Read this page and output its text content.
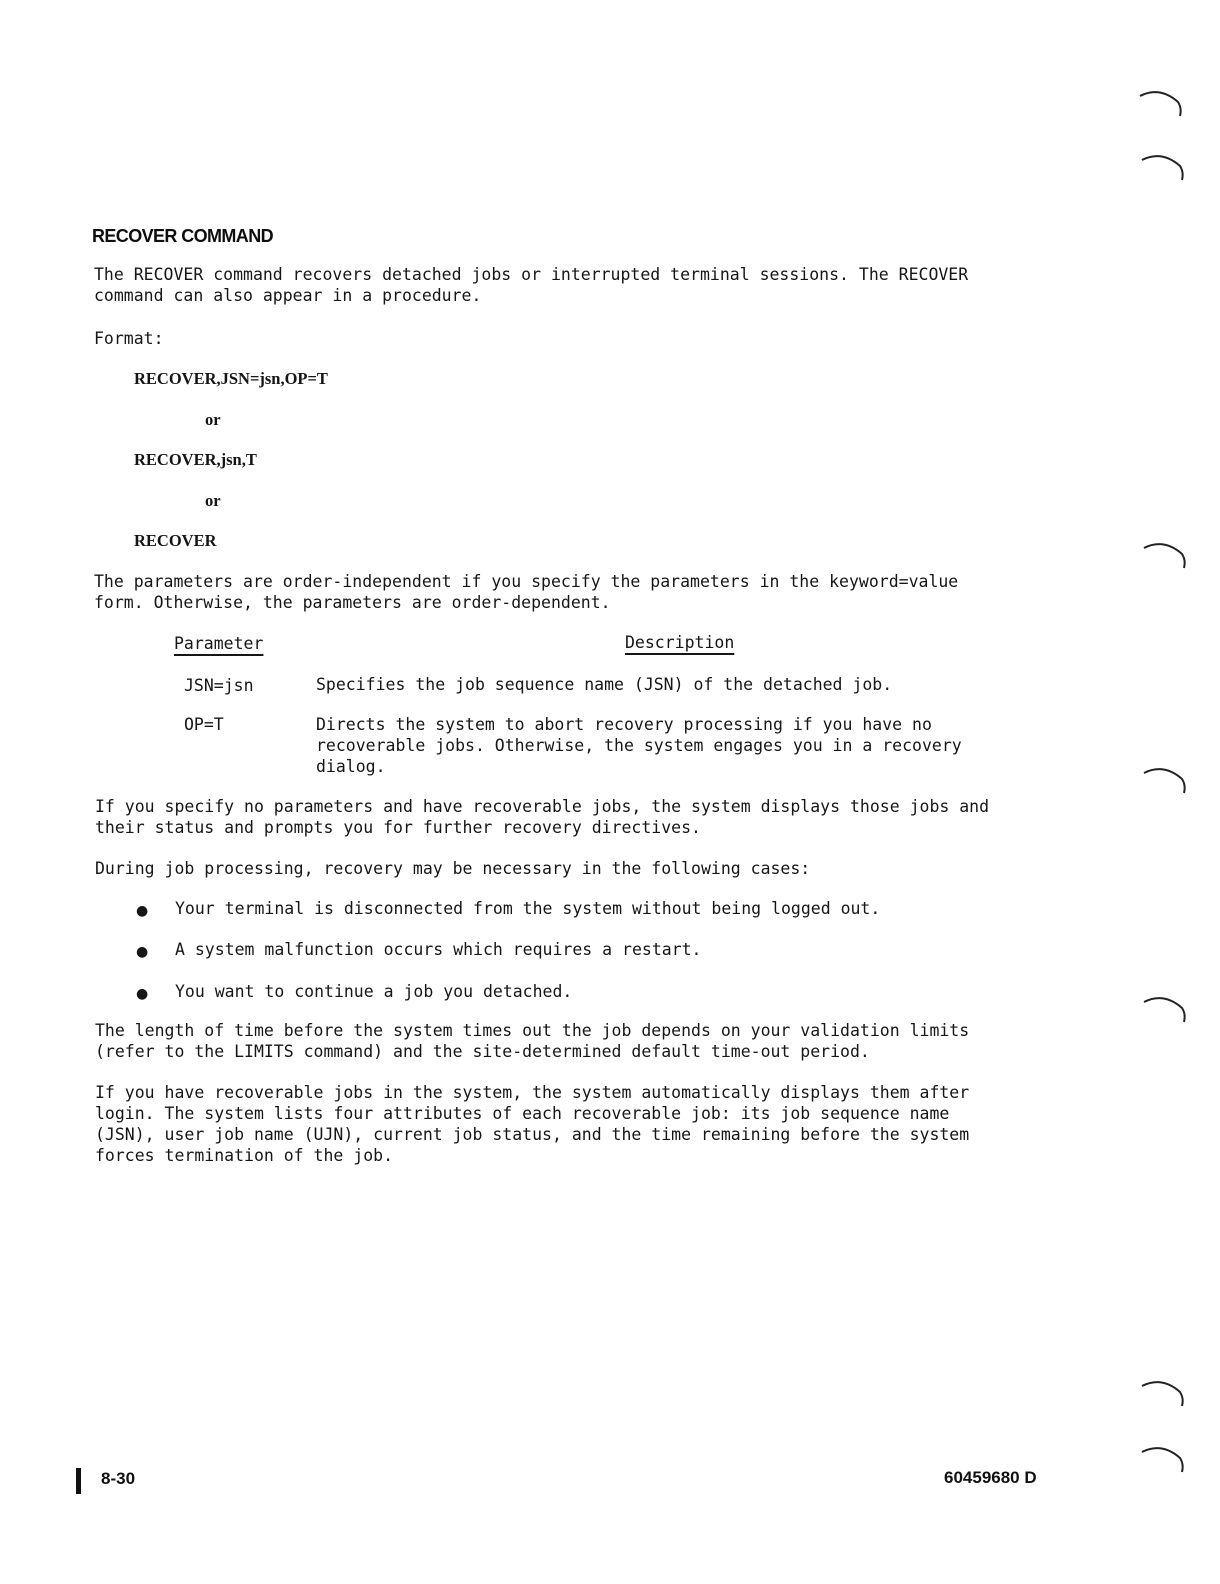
RECOVER COMMAND

The RECOVER command recovers detached jobs or interrupted terminal sessions. The RECOVER command can also appear in a procedure.

Format:

RECOVER,JSN=jsn,OP=T
or
RECOVER,jsn,T
or
RECOVER

The parameters are order-independent if you specify the parameters in the keyword=value form. Otherwise, the parameters are order-dependent.

Parameter	Description
JSN=jsn	Specifies the job sequence name (JSN) of the detached job.
OP=T	Directs the system to abort recovery processing if you have no recoverable jobs. Otherwise, the system engages you in a recovery dialog.

If you specify no parameters and have recoverable jobs, the system displays those jobs and their status and prompts you for further recovery directives.

During job processing, recovery may be necessary in the following cases:

● Your terminal is disconnected from the system without being logged out.
● A system malfunction occurs which requires a restart.
● You want to continue a job you detached.

The length of time before the system times out the job depends on your validation limits (refer to the LIMITS command) and the site-determined default time-out period.

If you have recoverable jobs in the system, the system automatically displays them after login. The system lists four attributes of each recoverable job: its job sequence name (JSN), user job name (UJN), current job status, and the time remaining before the system forces termination of the job.

8-30	60459680 D
